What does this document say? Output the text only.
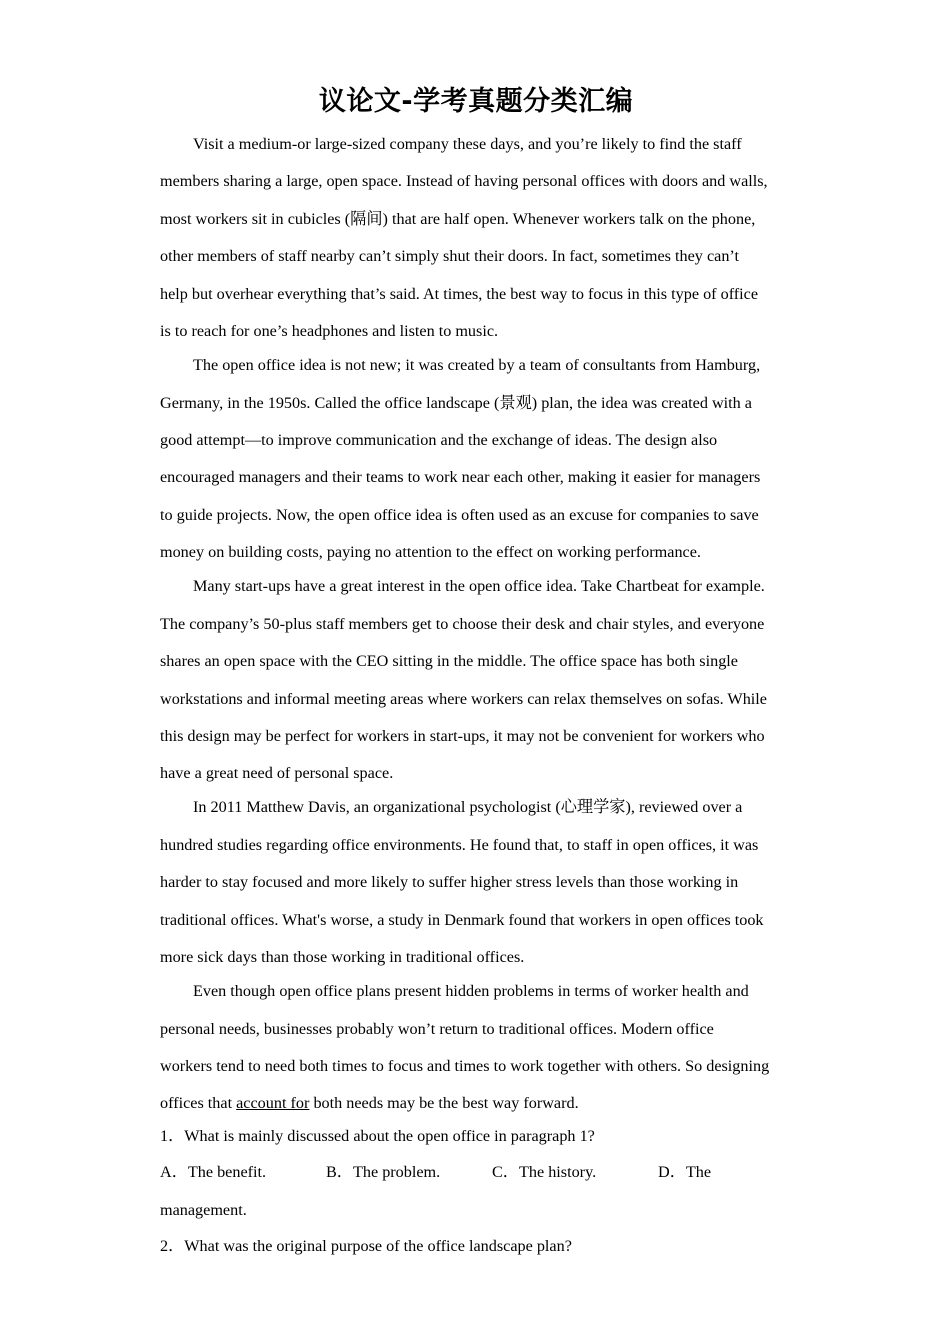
议论文-学考真题分类汇编
Visit a medium-or large-sized company these days, and you’re likely to find the staff
members sharing a large, open space. Instead of having personal offices with doors and walls,
most workers sit in cubicles (隔间) that are half open. Whenever workers talk on the phone,
other members of staff nearby can’t simply shut their doors. In fact, sometimes they can’t
help but overhear everything that’s said. At times, the best way to focus in this type of office
is to reach for one’s headphones and listen to music.
The open office idea is not new; it was created by a team of consultants from Hamburg,
Germany, in the 1950s. Called the office landscape (景观) plan, the idea was created with a
good attempt—to improve communication and the exchange of ideas. The design also
encouraged managers and their teams to work near each other, making it easier for managers
to guide projects. Now, the open office idea is often used as an excuse for companies to save
money on building costs, paying no attention to the effect on working performance.
Many start-ups have a great interest in the open office idea. Take Chartbeat for example.
The company’s 50-plus staff members get to choose their desk and chair styles, and everyone
shares an open space with the CEO sitting in the middle. The office space has both single
workstations and informal meeting areas where workers can relax themselves on sofas. While
this design may be perfect for workers in start-ups, it may not be convenient for workers who
have a great need of personal space.
In 2011 Matthew Davis, an organizational psychologist (心理学家), reviewed over a
hundred studies regarding office environments. He found that, to staff in open offices, it was
harder to stay focused and more likely to suffer higher stress levels than those working in
traditional offices. What's worse, a study in Denmark found that workers in open offices took
more sick days than those working in traditional offices.
Even though open office plans present hidden problems in terms of worker health and
personal needs, businesses probably won’t return to traditional offices. Modern office
workers tend to need both times to focus and times to work together with others. So designing
offices that account for both needs may be the best way forward.
1．What is mainly discussed about the open office in paragraph 1?
A．The benefit.	B．The problem.	C．The history.	D．The
management.
2．What was the original purpose of the office landscape plan?
